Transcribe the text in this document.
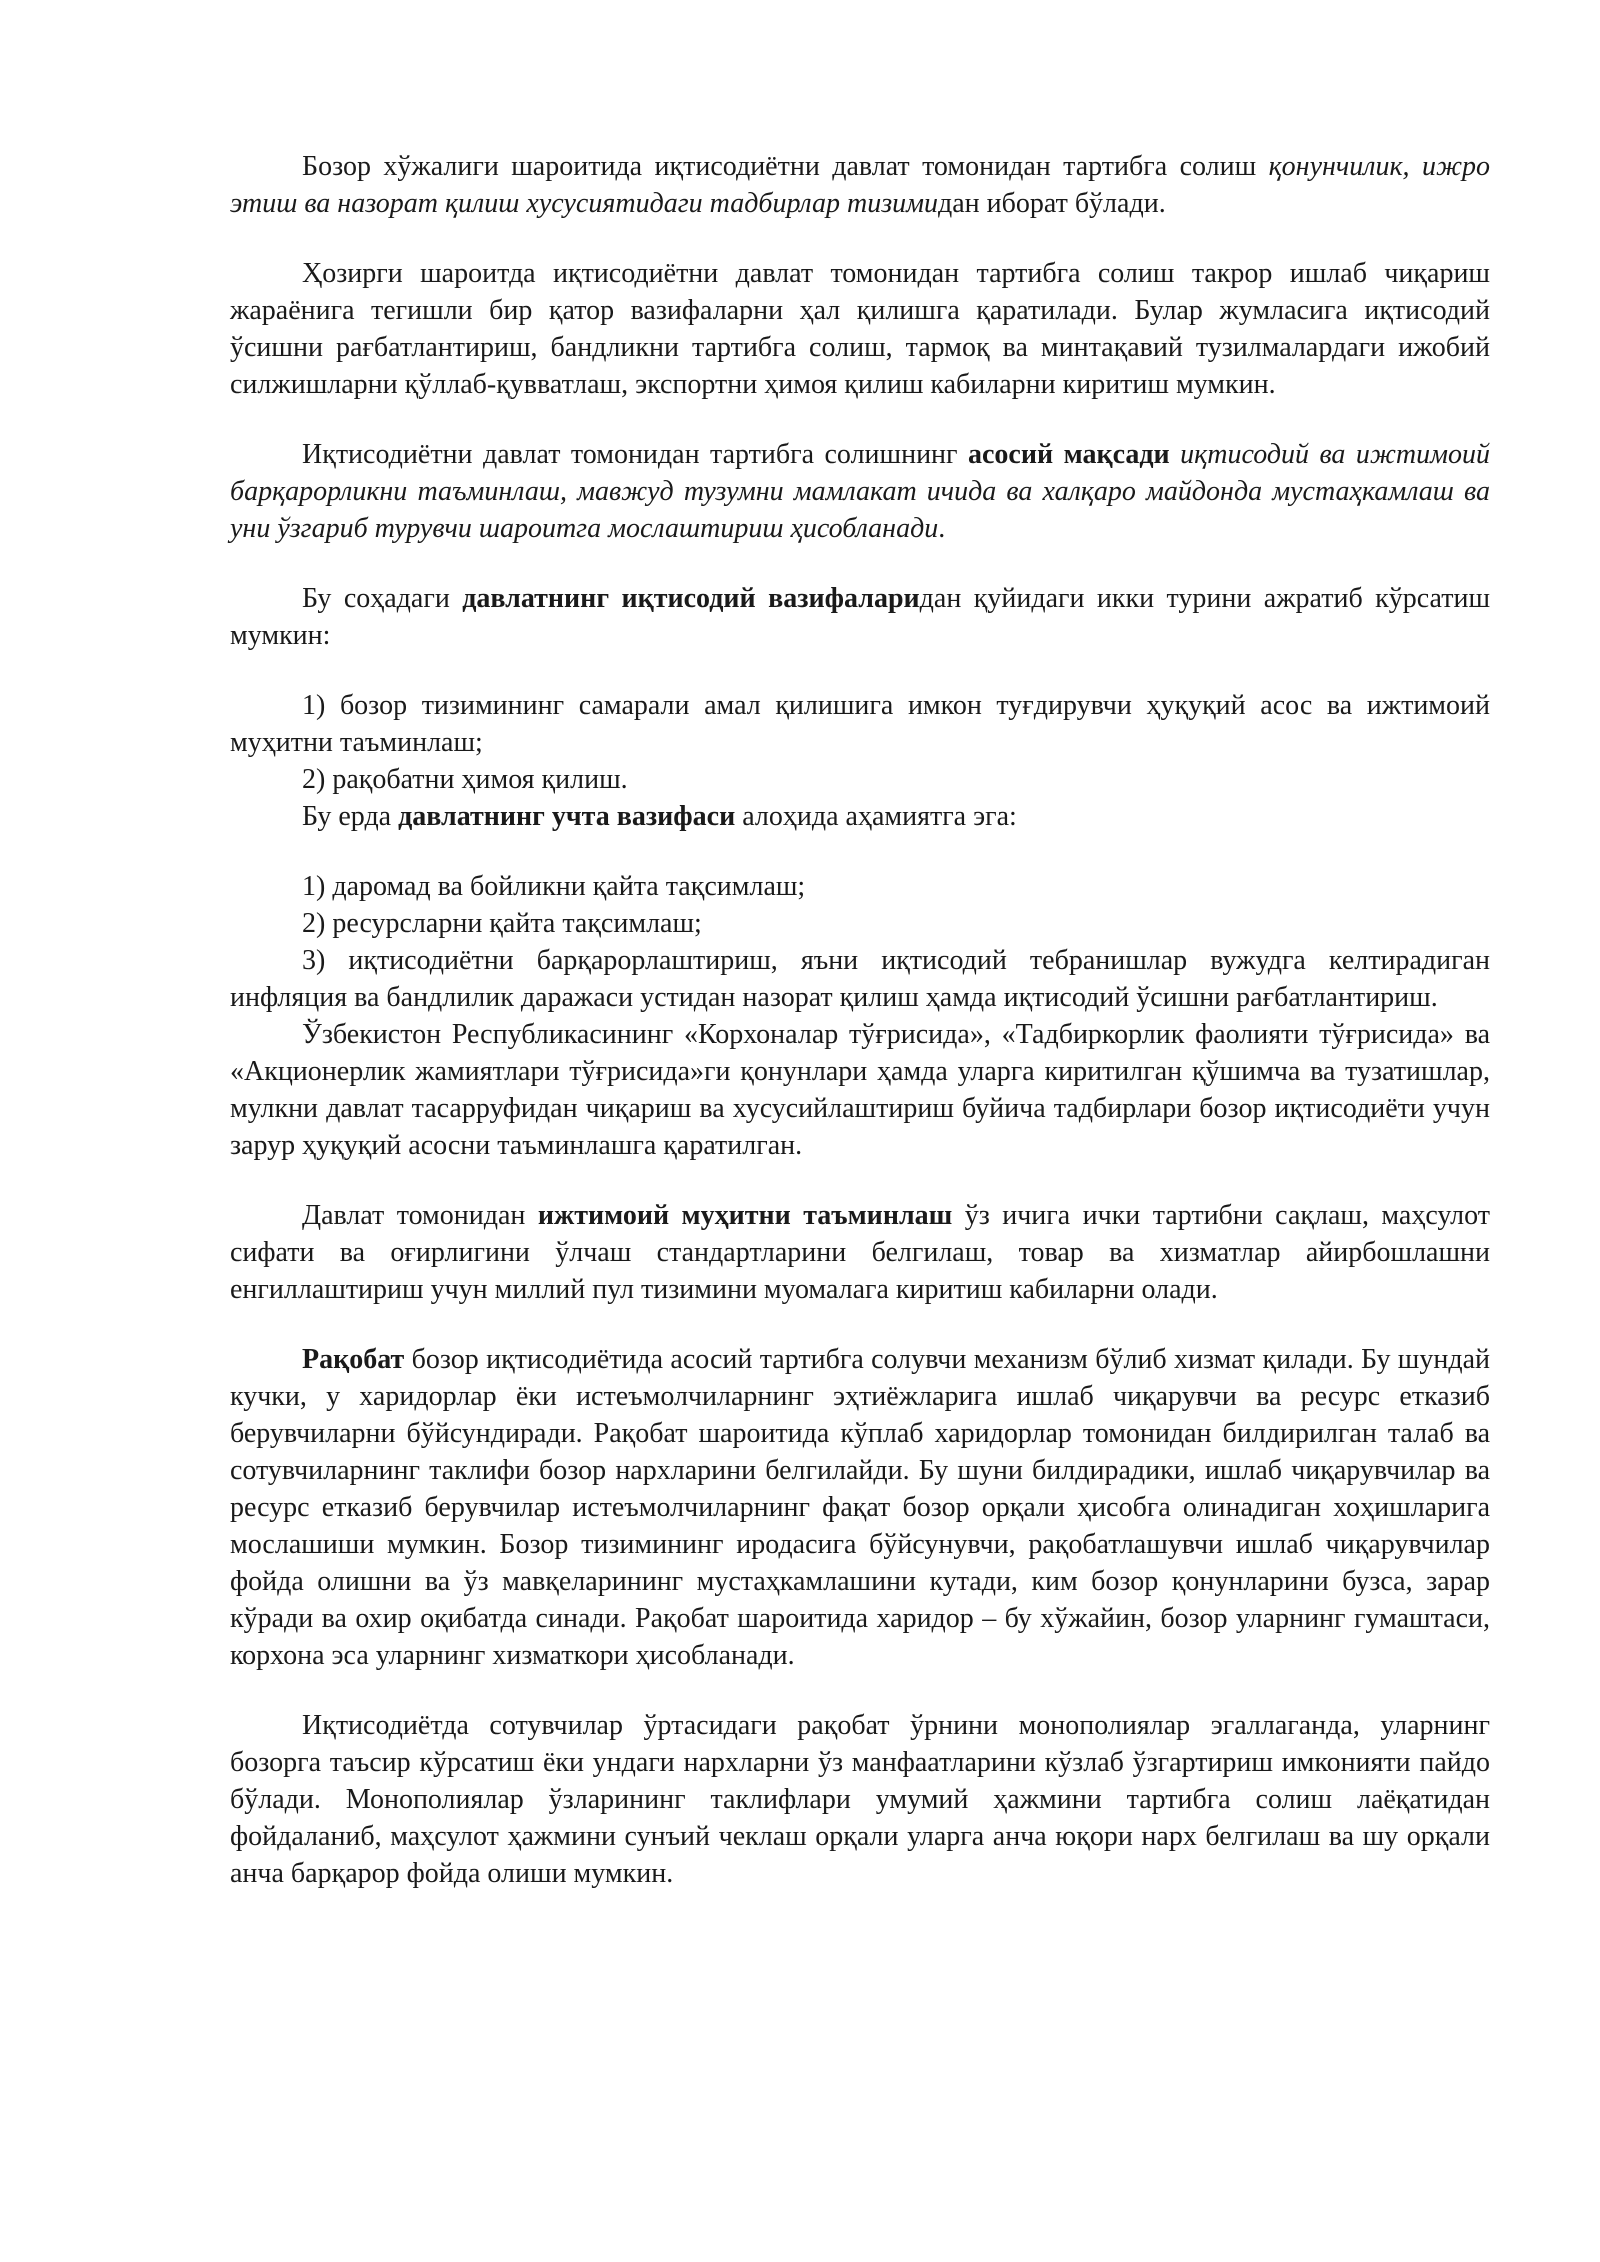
Бозор хўжалиги шароитида иқтисодиётни давлат томонидан тартибга солиш қонунчилик, ижро этиш ва назорат қилиш хусусиятидаги тадбирлар тизимидан иборат бўлади.

Ҳозирги шароитда иқтисодиётни давлат томонидан тартибга солиш такрор ишлаб чиқариш жараёнига тегишли бир қатор вазифаларни ҳал қилишга қаратилади. Булар жумласига иқтисодий ўсишни рағбатлантириш, бандликни тартибга солиш, тармоқ ва минтақавий тузилмалардаги ижобий силжишларни қўллаб-қувватлаш, экспортни ҳимоя қилиш кабиларни киритиш мумкин.

Иқтисодиётни давлат томонидан тартибга солишнинг асосий мақсади иқтисодий ва ижтимоий барқарорликни таъминлаш, мавжуд тузумни мамлакат ичида ва халқаро майдонда мустаҳкамлаш ва уни ўзгариб турувчи шароитга мослаштириш ҳисобланади.

Бу соҳадаги давлатнинг иқтисодий вазифаларидан қуйидаги икки турини ажратиб кўрсатиш мумкин:

1) бозор тизимининг самарали амал қилишига имкон туғдирувчи ҳуқуқий асос ва ижтимоий муҳитни таъминлаш;

2) рақобатни ҳимоя қилиш.

Бу ерда давлатнинг учта вазифаси алоҳида аҳамиятга эга:

1) даромад ва бойликни қайта тақсимлаш;

2) ресурсларни қайта тақсимлаш;

3) иқтисодиётни барқарорлаштириш, яъни иқтисодий тебранишлар вужудга келтирадиган инфляция ва бандлилик даражаси устидан назорат қилиш ҳамда иқтисодий ўсишни рағбатлантириш.

Ўзбекистон Республикасининг «Корхоналар тўғрисида», «Тадбиркорлик фаолияти тўғрисида» ва «Акционерлик жамиятлари тўғрисида»ги қонунлари ҳамда уларга киритилган қўшимча ва тузатишлар, мулкни давлат тасарруфидан чиқариш ва хусусийлаштириш буйича тадбирлари бозор иқтисодиёти учун зарур ҳуқуқий асосни таъминлашга қаратилган.

Давлат томонидан ижтимоий муҳитни таъминлаш ўз ичига ички тартибни сақлаш, маҳсулот сифати ва оғирлигини ўлчаш стандартларини белгилаш, товар ва хизматлар айирбошлашни енгиллаштириш учун миллий пул тизимини муомалага киритиш кабиларни олади.

Рақобат бозор иқтисодиётида асосий тартибга солувчи механизм бўлиб хизмат қилади. Бу шундай кучки, у харидорлар ёки истеъмолчиларнинг эҳтиёжларига ишлаб чиқарувчи ва ресурс етказиб берувчиларни бўйсундиради. Рақобат шароитида кўплаб харидорлар томонидан билдирилган талаб ва сотувчиларнинг таклифи бозор нархларини белгилайди. Бу шуни билдирадики, ишлаб чиқарувчилар ва ресурс етказиб берувчилар истеъмолчиларнинг фақат бозор орқали ҳисобга олинадиган хоҳишларига мослашиши мумкин. Бозор тизимининг иродасига бўйсунувчи, рақобатлашувчи ишлаб чиқарувчилар фойда олишни ва ўз мавқеларининг мустаҳкамлашини кутади, ким бозор қонунларини бузса, зарар кўради ва охир оқибатда синади. Рақобат шароитида харидор – бу хўжайин, бозор уларнинг гумаштаси, корхона эса уларнинг хизматкори ҳисобланади.

Иқтисодиётда сотувчилар ўртасидаги рақобат ўрнини монополиялар эгаллаганда, уларнинг бозорга таъсир кўрсатиш ёки ундаги нархларни ўз манфаатларини кўзлаб ўзгартириш имконияти пайдо бўлади. Монополиялар ўзларининг таклифлари умумий ҳажмини тартибга солиш лаёқатидан фойдаланиб, маҳсулот ҳажмини сунъий чеклаш орқали уларга анча юқори нарх белгилаш ва шу орқали анча барқарор фойда олиши мумкин.
